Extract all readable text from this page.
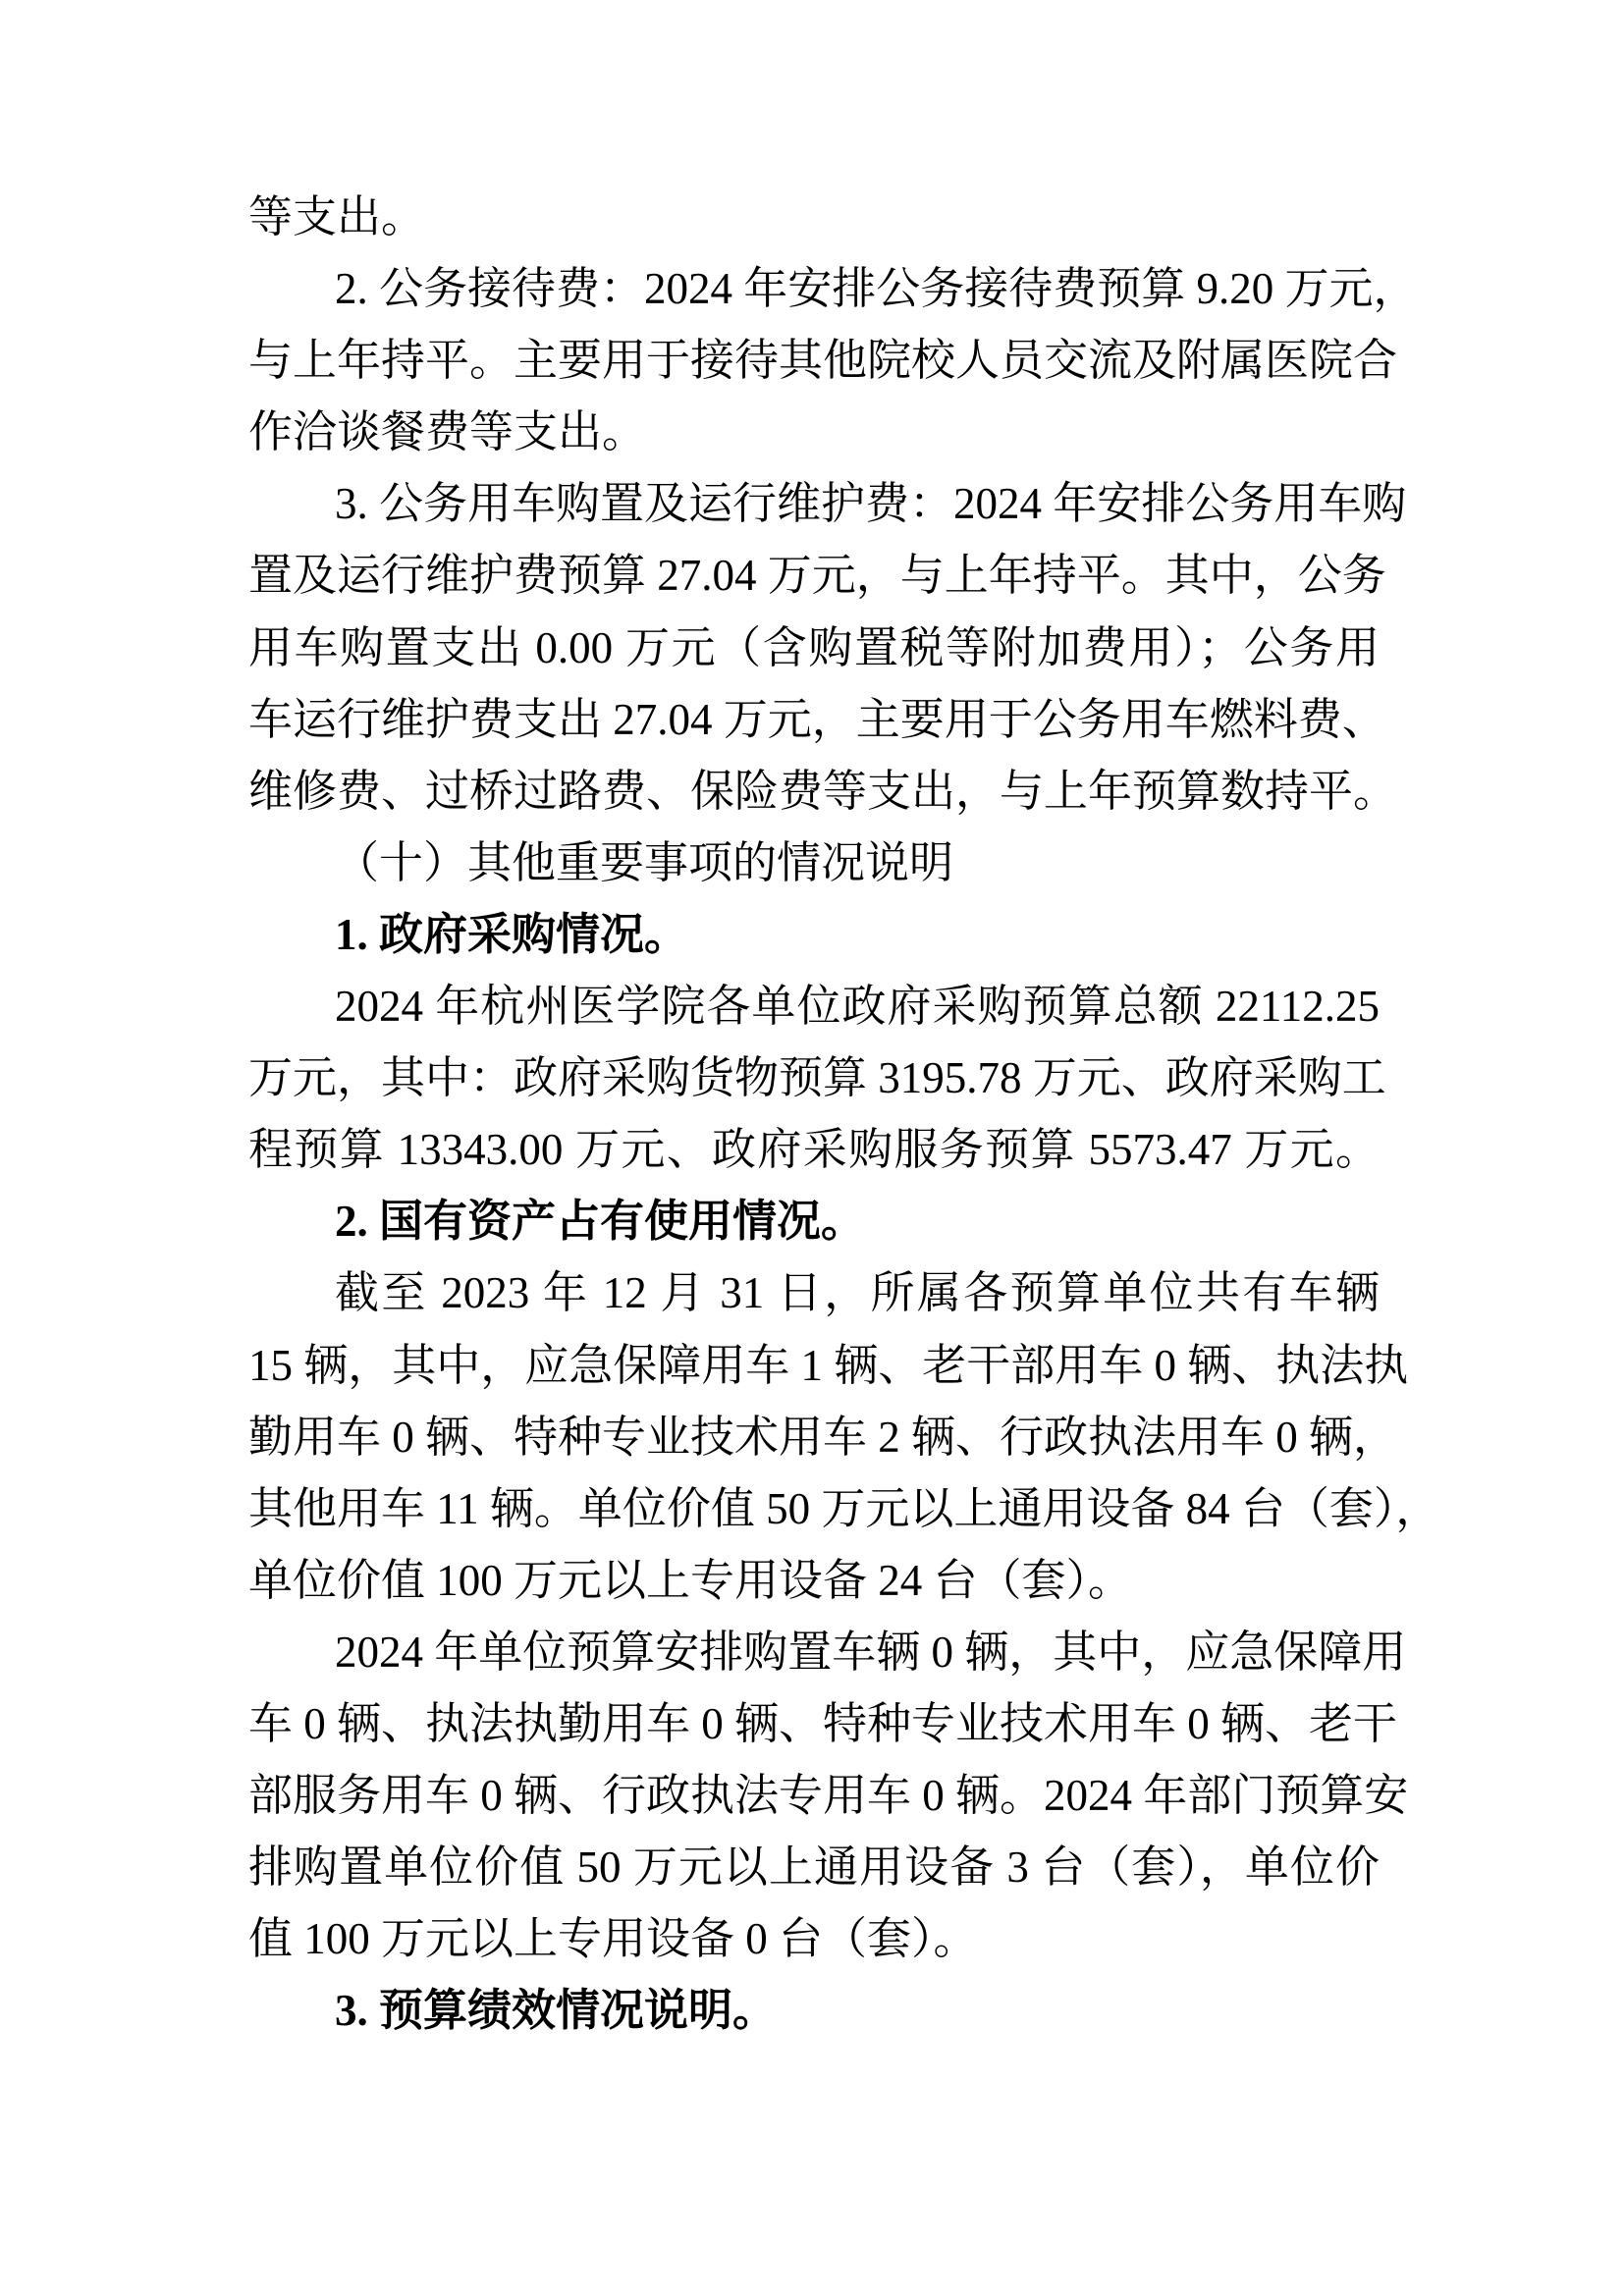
等支出。
2. 公务接待费：2024 年安排公务接待费预算 9.20 万元，
与上年持平。主要用于接待其他院校人员交流及附属医院合
作洽谈餐费等支出。
3. 公务用车购置及运行维护费：2024 年安排公务用车购
置及运行维护费预算 27.04 万元，与上年持平。其中，公务
用车购置支出 0.00 万元（含购置税等附加费用）；公务用
车运行维护费支出 27.04 万元，主要用于公务用车燃料费、
维修费、过桥过路费、保险费等支出，与上年预算数持平。
（十）其他重要事项的情况说明
1. 政府采购情况。
2024 年杭州医学院各单位政府采购预算总额 22112.25
万元，其中：政府采购货物预算 3195.78 万元、政府采购工
程预算 13343.00 万元、政府采购服务预算 5573.47 万元。
2. 国有资产占有使用情况。
截至 2023 年 12 月 31 日，所属各预算单位共有车辆
15 辆，其中，应急保障用车 1 辆、老干部用车 0 辆、执法执
勤用车 0 辆、特种专业技术用车 2 辆、行政执法用车 0 辆，
其他用车 11 辆。单位价值 50 万元以上通用设备 84 台（套），
单位价值 100 万元以上专用设备 24 台（套）。
2024 年单位预算安排购置车辆 0 辆，其中，应急保障用
车 0 辆、执法执勤用车 0 辆、特种专业技术用车 0 辆、老干
部服务用车 0 辆、行政执法专用车 0 辆。2024 年部门预算安
排购置单位价值 50 万元以上通用设备 3 台（套），单位价
值 100 万元以上专用设备 0 台（套）。
3. 预算绩效情况说明。
